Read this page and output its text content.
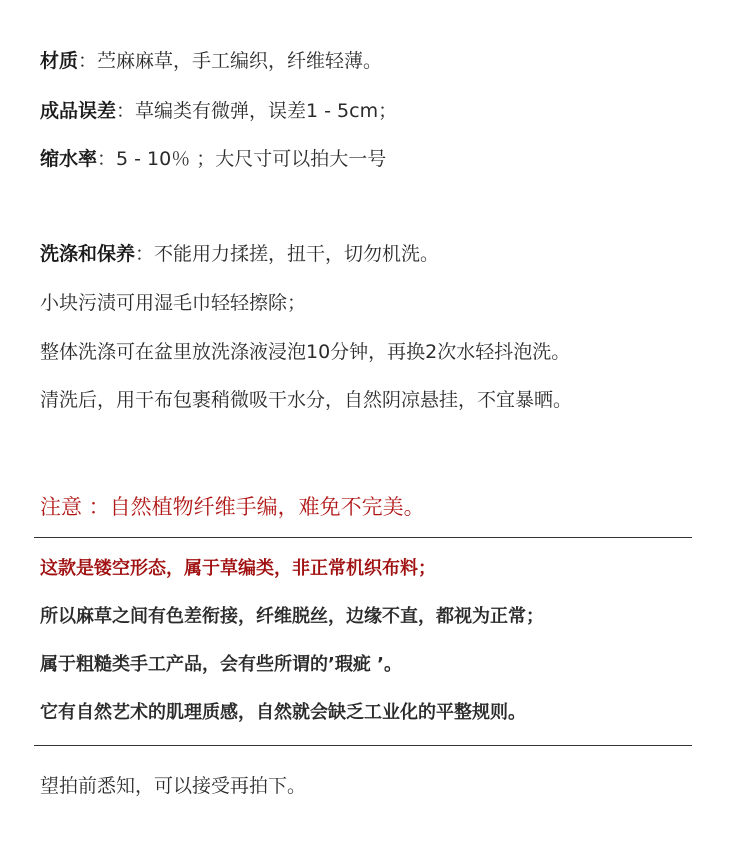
材质：苎麻麻草，手工编织，纤维轻薄。
成品误差：草编类有微弹，误差1 - 5cm；
缩水率：5 - 10％ ；大尺寸可以拍大一号
洗涤和保养：不能用力揉搓，扭干，切勿机洗。
小块污渍可用湿毛巾轻轻擦除；
整体洗涤可在盆里放洗涤液浸泡10分钟，再换2次水轻抖泡洗。
清洗后，用干布包裹稍微吸干水分，自然阴凉悬挂，不宜暴晒。
注意 ：自然植物纤维手编，难免不完美。
这款是镂空形态，属于草编类，非正常机织布料；
所以麻草之间有色差衔接，纤维脱丝，边缘不直，都视为正常；
属于粗糙类手工产品，会有些所谓的’瑕疵 ’。
它有自然艺术的肌理质感，自然就会缺乏工业化的平整规则。
望拍前悉知，可以接受再拍下。
